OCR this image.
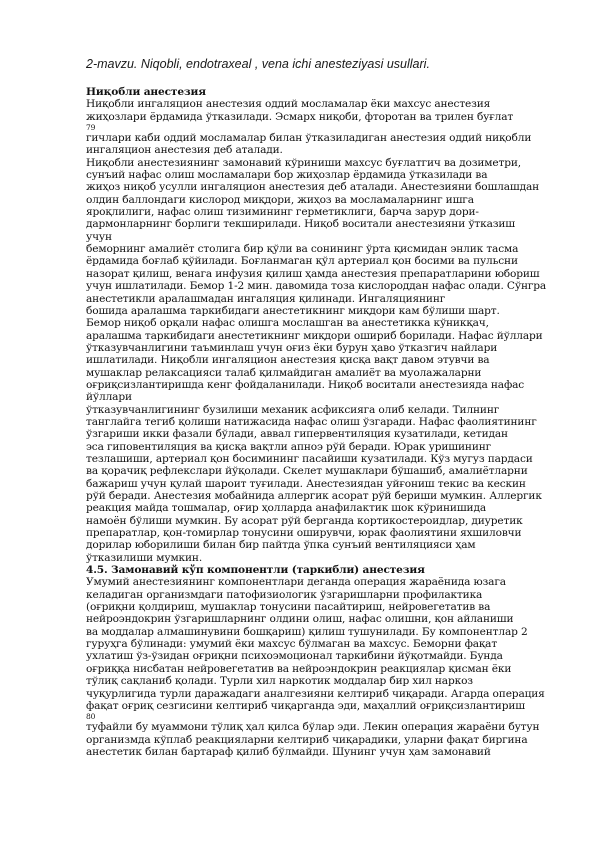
2-mavzu. Niqobli, endotraxeal , vena ichi anesteziyasi usullari.
Ниқобли анестезия
Ниқобли ингаляцион анестезия оддий мосламалар ёки махсус анестезия
жиҳозлари ёрдамида ўтказилади. Эсмарх ниқоби, фторотан ва трилен буғлат
79
гичлари каби оддий мосламалар билан ўтказиладиган анестезия оддий ниқобли
ингаляцион анестезия деб аталади.
Ниқобли анестезиянинг замонавий кўриниши махсус буғлатгич ва дозиметри,
сунъий нафас олиш мосламалари бор жиҳозлар ёрдамида ўтказилади ва
жиҳоз ниқоб усулли ингаляцион анестезия деб аталади. Анестезияни бошлашдан
олдин баллондаги кислород миқдори, жиҳоз ва мосламаларнинг ишга
яроқлилиги, нафас олиш тизимининг герметиклиги, барча зарур дори-
дармонларнинг борлиги текширилади. Ниқоб воситали анестезияни ўтказиш
учун
беморнинг амалиёт столига бир қўли ва сонининг ўрта қисмидан энлик тасма
ёрдамида боғлаб қўйилади. Боғланмаган қўл артериал қон босими ва пульсни
назорат қилиш, венага инфузия қилиш ҳамда анестезия препаратларини юбориш
учун ишлатилади. Бемор 1-2 мин. давомида тоза кислороддан нафас олади. Сўнгра
анестетикли аралашмадан ингаляция қилинади. Ингаляциянинг
бошида аралашма таркибидаги анестетикнинг миқдори кам бўлиши шарт.
Бемор ниқоб орқали нафас олишга мослашган ва анестетикка кўникқач,
аралашма таркибидаги анестетикнинг миқдори ошириб борилади. Нафас йўллари
ўтказувчанлигини таъминлаш учун оғиз ёки бурун ҳаво ўтказгич найлари
ишлатилади. Ниқобли ингаляцион анестезия қисқа вақт давом этувчи ва
мушаклар релаксацияси талаб қилмайдиган амалиёт ва муолажаларни
оғриқсизлантиришда кенг фойдаланилади. Ниқоб воситали анестезияда нафас
йўллари
ўтказувчанлигининг бузилиши механик асфиксияга олиб келади. Тилнинг
танглайга тегиб қолиши натижасида нафас олиш ўзгаради. Нафас фаолиятининг
ўзгариши икки фазали бўлади, аввал гипервентиляция кузатилади, кетидан
эса гиповентиляция ва қисқа вақтли апноэ рўй беради. Юрак уришининг
тезлашиши, артериал қон босимининг пасайиши кузатилади. Кўз мугуз пардаси
ва қорачиқ рефлекслари йўқолади. Скелет мушаклари бўшашиб, амалиётларни
бажариш учун қулай шароит туғилади. Анестезиядан уйғониш текис ва кескин
рўй беради. Анестезия мобайнида аллергик асорат рўй бериши мумкин. Аллергик
реакция майда тошмалар, оғир ҳолларда анафилактик шок кўринишида
намоён бўлиши мумкин. Бу асорат рўй берганда кортикостероидлар, диуретик
препаратлар, қон-томирлар тонусини оширувчи, юрак фаолиятини яхшиловчи
дорилар юборилиши билан бир пайтда ўпка сунъий вентиляцияси ҳам
ўтказилиши мумкин.
4.5. Замонавий кўп компонентли (таркибли) анестезия
Умумий анестезиянинг компонентлари деганда операция жараёнида юзага
келадиган организмдаги патофизиологик ўзгаришларни профилактика
(оғриқни қолдириш, мушаклар тонусини пасайтириш, нейровегетатив ва
нейроэндокрин ўзгаришларнинг олдини олиш, нафас олишни, қон айланиши
ва моддалар алмашинувини бошқариш) қилиш тушунилади. Бу компонентлар 2
гуруҳга бўлинади: умумий ёки махсус бўлмаган ва махсус. Беморни фақат
ухлатиш ўз-ўзидан оғриқни психоэмоционал таркибини йўқотмайди. Бунда
оғриққа нисбатан нейровегетатив ва нейроэндокрин реакциялар қисман ёки
тўлиқ сақланиб қолади. Турли хил наркотик моддалар бир хил наркоз
чуқурлигида турли даражадаги аналгезияни келтириб чиқаради. Агарда операция
фақат оғриқ сезгисини келтириб чиқаргандa эди, маҳаллий оғриқсизлантириш
80
туфайли бу муаммони тўлиқ ҳал қилса бўлар эди. Лекин операция жараёни бутун
организмда кўплаб реакцияларни келтириб чиқарадики, уларни фақат биргина
анестетик билан бартараф қилиб бўлмайди. Шунинг учун ҳам замонавий
